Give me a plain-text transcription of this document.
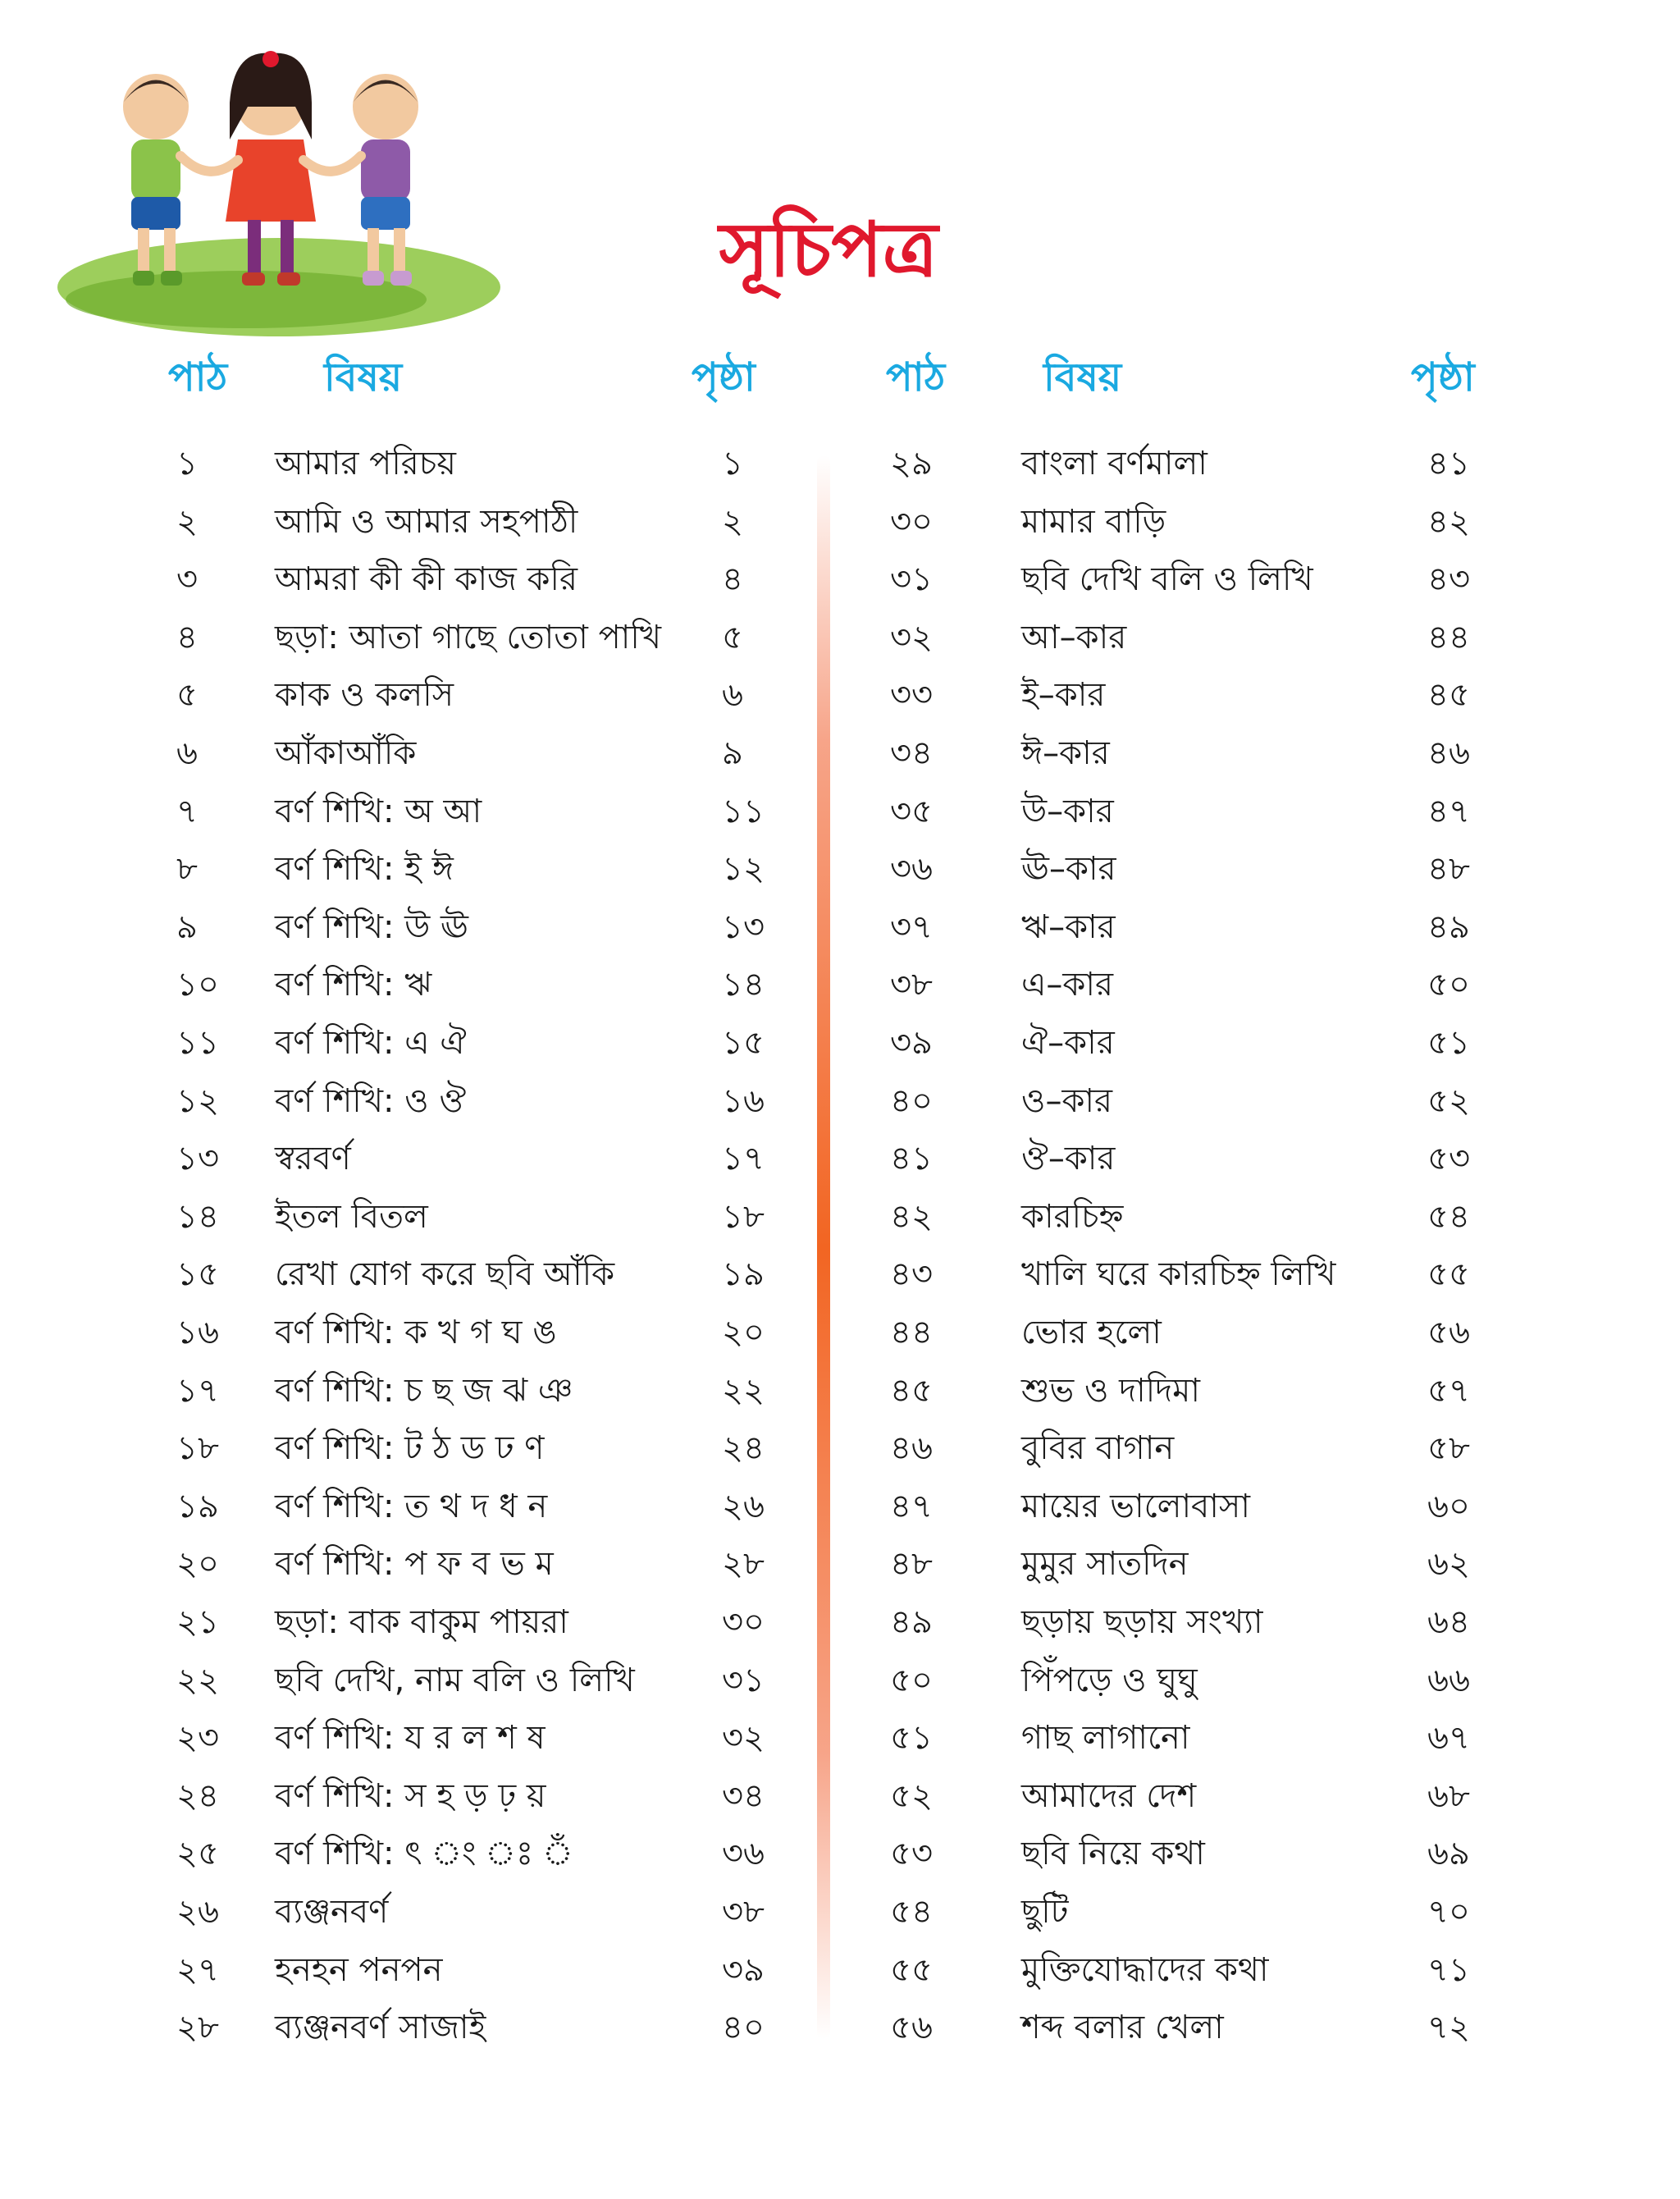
সূচিপত্র
পাঠ বিষয়	পৃষ্ঠা	পাঠ বিষয়	পৃষ্ঠা
১ আমার পরিচয়	১
২ আমি ও আমার সহপাঠী	২
৩ আমরা কী কী কাজ করি	৪
৪ ছড়া: আতা গাছে তোতা পাখি ৫
৫ কাক ও কলসি	৬
৬ আঁকাআঁকি	৯
৭ বর্ণ শিখি: অ আ	১১
৮ বর্ণ শিখি: ই ঈ	১২
৯ বর্ণ শিখি: উ ঊ	১৩
১০ বর্ণ শিখি: ঋ	১৪
১১ বর্ণ শিখি: এ ঐ	১৫
১২ বর্ণ শিখি: ও ঔ	১৬
১৩ স্বরবর্ণ	১৭
১৪ ইতল বিতল	১৮
১৫ রেখা যোগ করে ছবি আঁকি	১৯
১৬ বর্ণ শিখি: ক খ গ ঘ ঙ	২০
১৭ বর্ণ শিখি: চ ছ জ ঝ ঞ	২২
১৮ বর্ণ শিখি: ট ঠ ড ঢ ণ	২৪
১৯ বর্ণ শিখি: ত থ দ ধ ন	২৬
২০ বর্ণ শিখি: প ফ ব ভ ম	২৮
২১ ছড়া: বাক বাকুম পায়রা	৩০
২২ ছবি দেখি, নাম বলি ও লিখি	৩১
২৩ বর্ণ শিখি: য র ল শ ষ	৩২
২৪ বর্ণ শিখি: স হ ড় ঢ় য়	৩৪
২৫ বর্ণ শিখি: ৎ ং ঃ ঁ	৩৬
২৬ ব্যঞ্জনবর্ণ	৩৮
২৭ হনহন পনপন	৩৯
২৮ ব্যঞ্জনবর্ণ সাজাই	৪০
২৯	বাংলা বর্ণমালা	৪১
৩০	মামার বাড়ি	৪২
৩১	ছবি দেখি বলি ও লিখি	৪৩
৩২	আ–কার	৪৪
৩৩	ই–কার	৪৫
৩৪	ঈ–কার	৪৬
৩৫	উ–কার	৪৭
৩৬	ঊ–কার	৪৮
৩৭	ঋ–কার	৪৯
৩৮	এ–কার	৫০
৩৯	ঐ–কার	৫১
৪০	ও–কার	৫২
৪১	ঔ–কার	৫৩
৪২	কারচিহ্ন	৫৪
৪৩	খালি ঘরে কারচিহ্ন লিখি	৫৫
৪৪	ভোর হলো	৫৬
৪৫	শুভ ও দাদিমা	৫৭
৪৬	বুবির বাগান	৫৮
৪৭	মায়ের ভালোবাসা	৬০
৪৮	মুমুর সাতদিন	৬২
৪৯	ছড়ায় ছড়ায় সংখ্যা	৬৪
৫০	পিঁপড়ে ও ঘুঘু	৬৬
৫১	গাছ লাগানো	৬৭
৫২	আমাদের দেশ	৬৮
৫৩	ছবি নিয়ে কথা	৬৯
৫৪	ছুটি	৭০
৫৫	মুক্তিযোদ্ধাদের কথা	৭১
৫৬	শব্দ বলার খেলা	৭২
